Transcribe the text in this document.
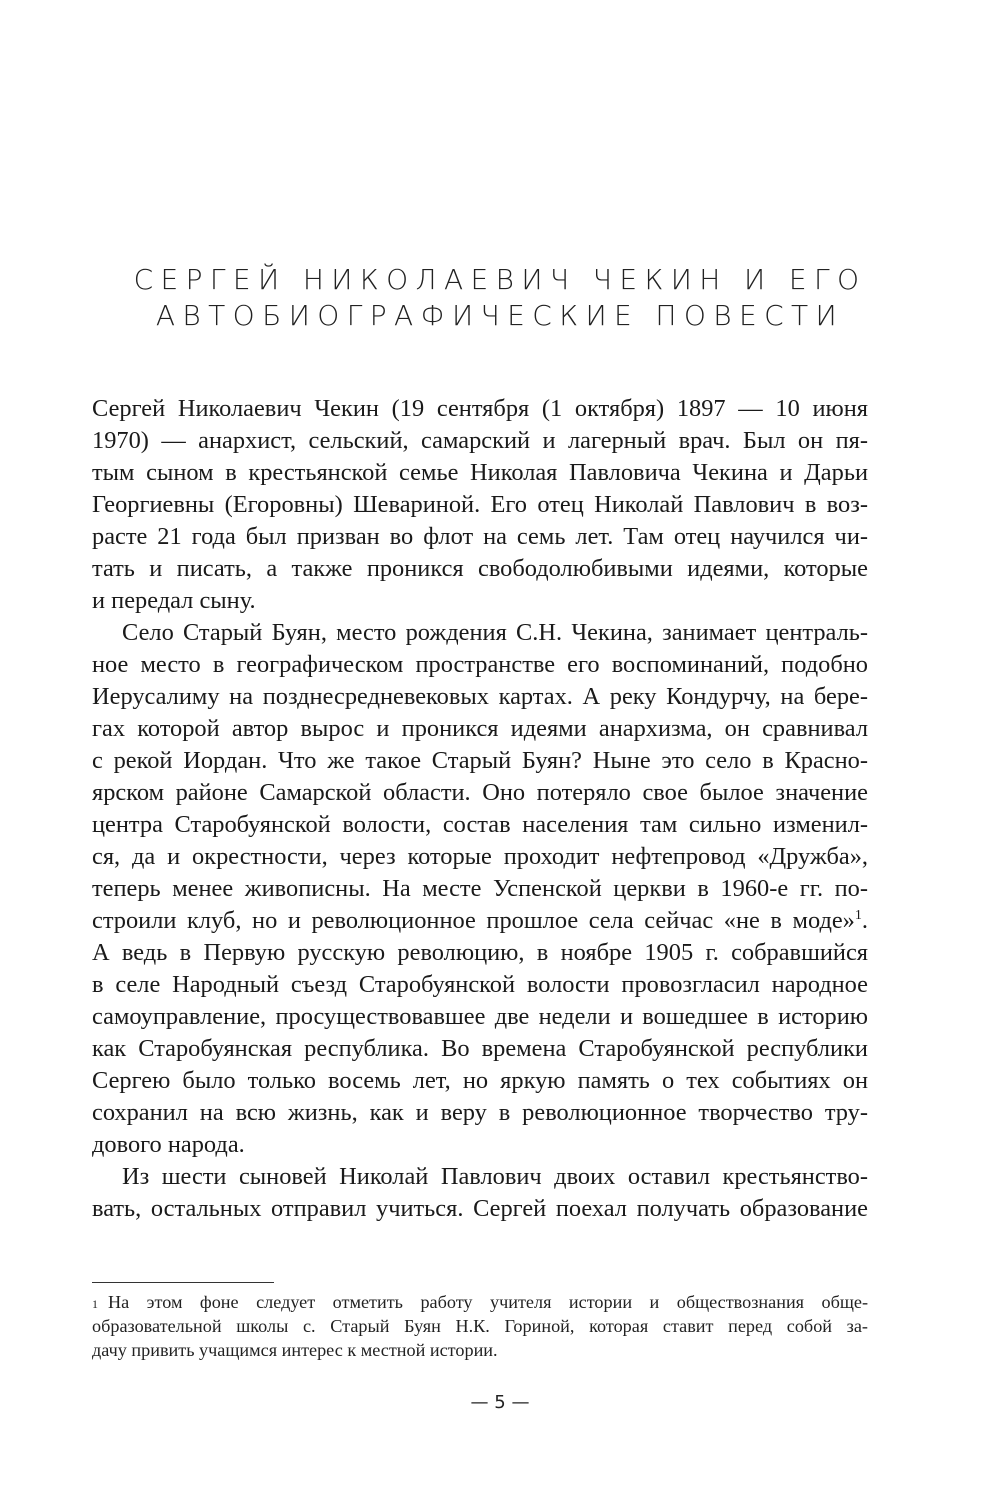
СЕРГЕЙ НИКОЛАЕВИЧ ЧЕКИН И ЕГО
АВТОБИОГРАФИЧЕСКИЕ ПОВЕСТИ
Сергей Николаевич Чекин (19 сентября (1 октября) 1897 — 10 июня
1970) — анархист, сельский, самарский и лагерный врач. Был он пя-
тым сыном в крестьянской семье Николая Павловича Чекина и Дарьи
Георгиевны (Егоровны) Шевариной. Его отец Николай Павлович в воз-
расте 21 года был призван во флот на семь лет. Там отец научился чи-
тать и писать, а также проникся свободолюбивыми идеями, которые
и передал сыну.
Село Старый Буян, место рождения С.Н. Чекина, занимает централь-
ное место в географическом пространстве его воспоминаний, подобно
Иерусалиму на позднесредневековых картах. А реку Кондурчу, на бере-
гах которой автор вырос и проникся идеями анархизма, он сравнивал
с рекой Иордан. Что же такое Старый Буян? Ныне это село в Красно-
ярском районе Самарской области. Оно потеряло свое былое значение
центра Старобуянской волости, состав населения там сильно изменил-
ся, да и окрестности, через которые проходит нефтепровод «Дружба»,
теперь менее живописны. На месте Успенской церкви в 1960-е гг. по-
строили клуб, но и революционное прошлое села сейчас «не в моде»$^1$.
А ведь в Первую русскую революцию, в ноябре 1905 г. собравшийся
в селе Народный съезд Старобуянской волости провозгласил народное
самоуправление, просуществовавшее две недели и вошедшее в историю
как Старобуянская республика. Во времена Старобуянской республики
Сергею было только восемь лет, но яркую память о тех событиях он
сохранил на всю жизнь, как и веру в революционное творчество тру-
дового народа.
Из шести сыновей Николай Павлович двоих оставил крестьянство-
вать, остальных отправил учиться. Сергей поехал получать образование
$^1$ На этом фоне следует отметить работу учителя истории и обществознания обще-
образовательной школы с. Старый Буян Н.К. Гориной, которая ставит перед собой за-
дачу привить учащимся интерес к местной истории.
— 5 —
